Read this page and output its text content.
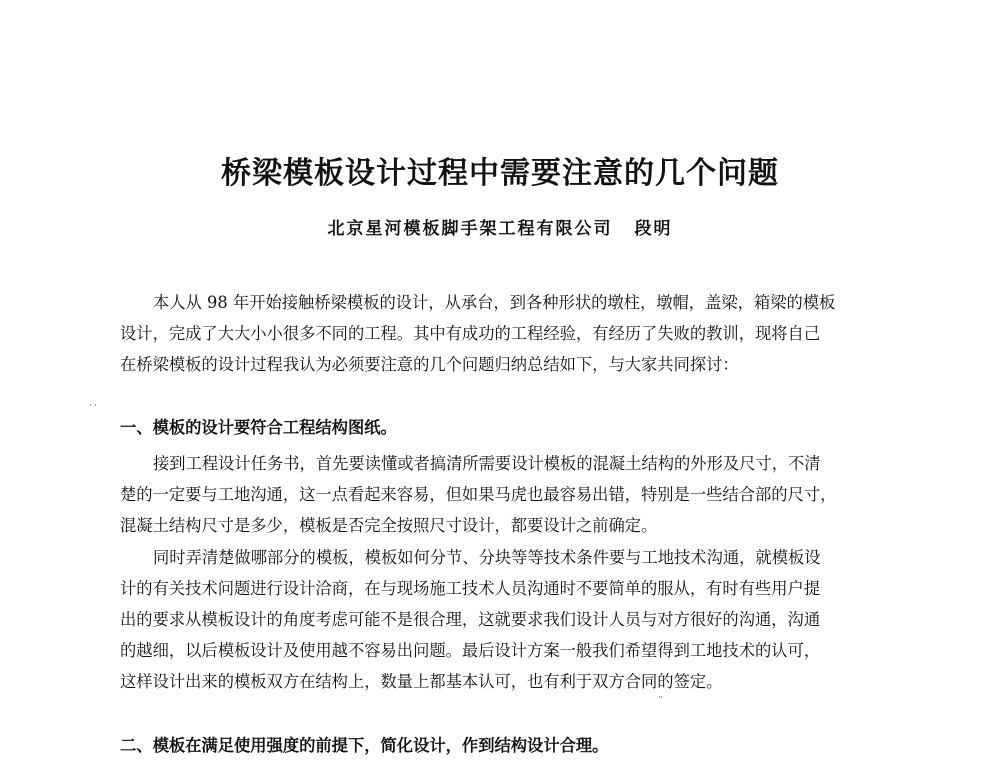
桥梁模板设计过程中需要注意的几个问题
北京星河模板脚手架工程有限公司 段明
本人从 98 年开始接触桥梁模板的设计，从承台，到各种形状的墩柱，墩帽，盖梁，箱梁的模板
设计，完成了大大小小很多不同的工程。其中有成功的工程经验，有经历了失败的教训，现将自己
在桥梁模板的设计过程我认为必须要注意的几个问题归纳总结如下，与大家共同探讨：
˙˙
一、模板的设计要符合工程结构图纸。
接到工程设计任务书，首先要读懂或者搞清所需要设计模板的混凝土结构的外形及尺寸，不清
楚的一定要与工地沟通，这一点看起来容易，但如果马虎也最容易出错，特别是一些结合部的尺寸，
混凝土结构尺寸是多少，模板是否完全按照尺寸设计，都要设计之前确定。
同时弄清楚做哪部分的模板，模板如何分节、分块等等技术条件要与工地技术沟通，就模板设
计的有关技术问题进行设计洽商，在与现场施工技术人员沟通时不要简单的服从，有时有些用户提
出的要求从模板设计的角度考虑可能不是很合理，这就要求我们设计人员与对方很好的沟通，沟通
的越细，以后模板设计及使用越不容易出问题。最后设计方案一般我们希望得到工地技术的认可，
这样设计出来的模板双方在结构上，数量上都基本认可，也有利于双方合同的签定。
¨
二、模板在满足使用强度的前提下，简化设计，作到结构设计合理。
